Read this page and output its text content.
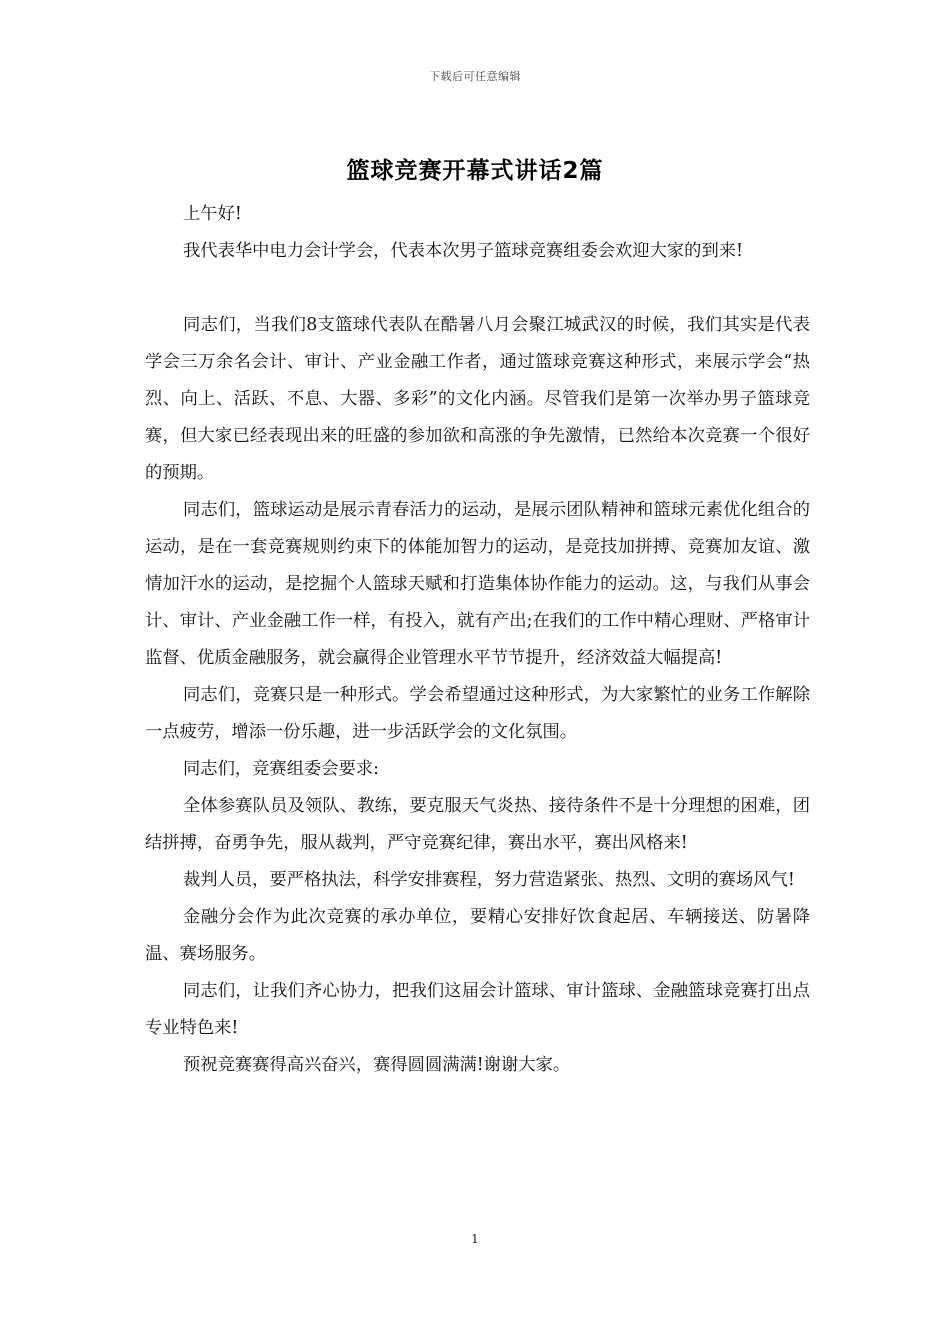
下载后可任意编辑
篮球竞赛开幕式讲话2篇

上午好!

我代表华中电力会计学会，代表本次男子篮球竞赛组委会欢迎大家的到来!

同志们，当我们8支篮球代表队在酷暑八月会聚江城武汉的时候，我们其实是代表学会三万余名会计、审计、产业金融工作者，通过篮球竞赛这种形式，来展示学会“热烈、向上、活跃、不息、大器、多彩”的文化内涵。尽管我们是第一次举办男子篮球竞赛，但大家已经表现出来的旺盛的参加欲和高涨的争先激情，已然给本次竞赛一个很好的预期。

同志们，篮球运动是展示青春活力的运动，是展示团队精神和篮球元素优化组合的运动，是在一套竞赛规则约束下的体能加智力的运动，是竞技加拼搏、竞赛加友谊、激情加汗水的运动，是挖掘个人篮球天赋和打造集体协作能力的运动。这，与我们从事会计、审计、产业金融工作一样，有投入，就有产出;在我们的工作中精心理财、严格审计监督、优质金融服务，就会赢得企业管理水平节节提升，经济效益大幅提高!

同志们，竞赛只是一种形式。学会希望通过这种形式，为大家繁忙的业务工作解除一点疲劳，增添一份乐趣，进一步活跃学会的文化氛围。

同志们，竞赛组委会要求:

全体参赛队员及领队、教练，要克服天气炎热、接待条件不是十分理想的困难，团结拼搏，奋勇争先，服从裁判，严守竞赛纪律，赛出水平，赛出风格来!

裁判人员，要严格执法，科学安排赛程，努力营造紧张、热烈、文明的赛场风气!

金融分会作为此次竞赛的承办单位，要精心安排好饮食起居、车辆接送、防暑降温、赛场服务。

同志们，让我们齐心协力，把我们这届会计篮球、审计篮球、金融篮球竞赛打出点专业特色来!

预祝竞赛赛得高兴奋兴，赛得圆圆满满!谢谢大家。

1
